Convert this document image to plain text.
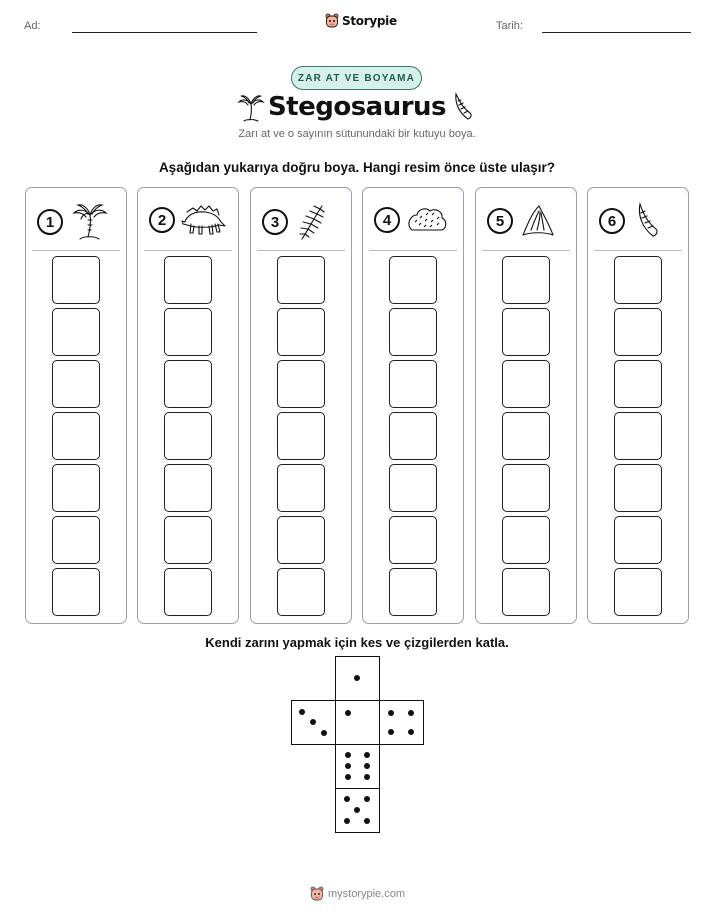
Ad:	Storypie	Tarih:
ZAR AT VE BOYAMA
Stegosaurus
Zarı at ve o sayının sütunundaki bir kutuyu boya.
Aşağıdan yukarıya doğru boya. Hangi resim önce üste ulaşır?
1	2	3	4	5	6
Kendi zarını yapmak için kes ve çizgilerden katla.
mystorypie.com
